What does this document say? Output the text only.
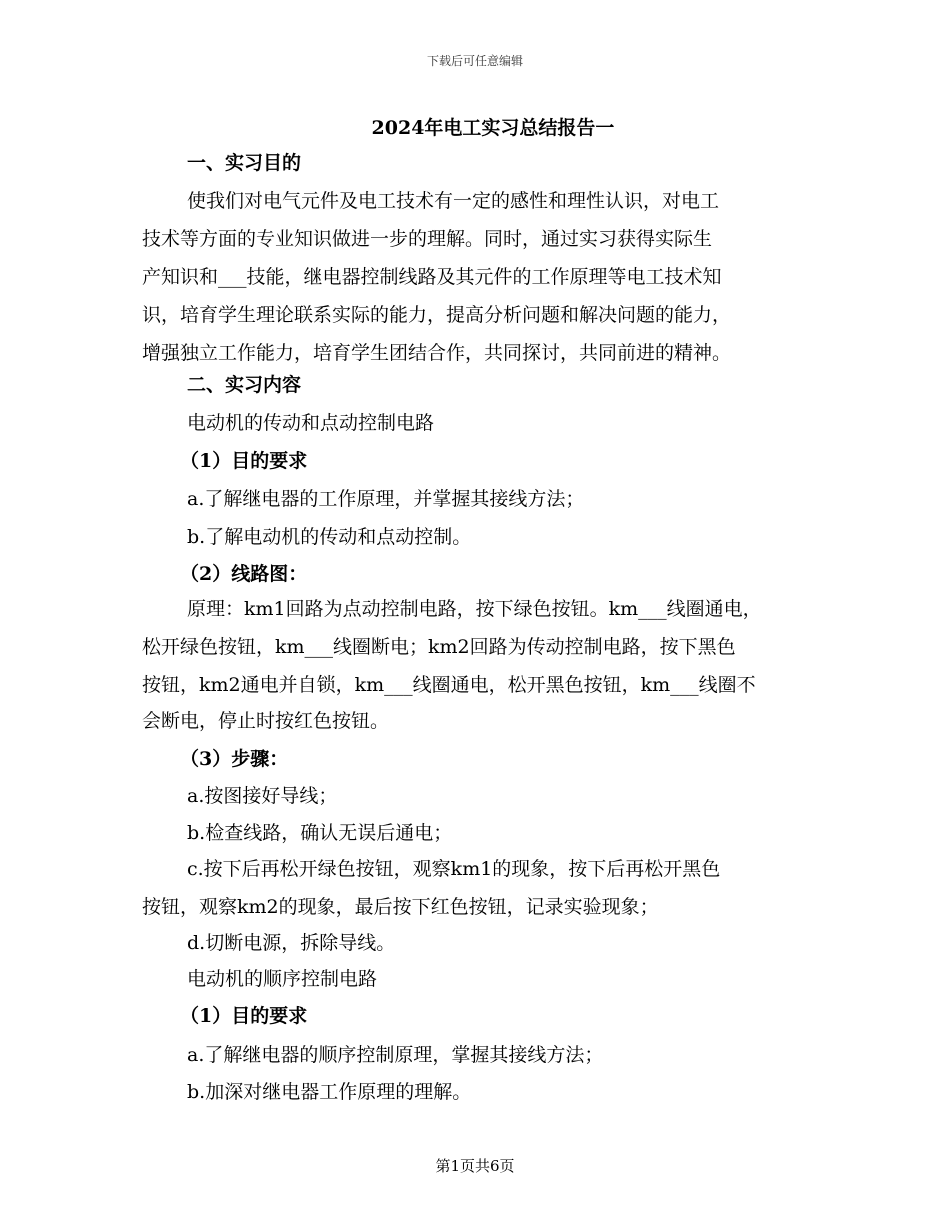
下载后可任意编辑
2024年电工实习总结报告一
一、实习目的
使我们对电气元件及电工技术有一定的感性和理性认识，对电工
技术等方面的专业知识做进一步的理解。同时，通过实习获得实际生
产知识和___技能，继电器控制线路及其元件的工作原理等电工技术知
识，培育学生理论联系实际的能力，提高分析问题和解决问题的能力，
增强独立工作能力，培育学生团结合作，共同探讨，共同前进的精神。
二、实习内容
电动机的传动和点动控制电路
（1）目的要求
a.了解继电器的工作原理，并掌握其接线方法；
b.了解电动机的传动和点动控制。
（2）线路图：
原理：km1回路为点动控制电路，按下绿色按钮。km___线圈通电，
松开绿色按钮，km___线圈断电；km2回路为传动控制电路，按下黑色
按钮，km2通电并自锁，km___线圈通电，松开黑色按钮，km___线圈不
会断电，停止时按红色按钮。
（3）步骤：
a.按图接好导线；
b.检查线路，确认无误后通电；
c.按下后再松开绿色按钮，观察km1的现象，按下后再松开黑色
按钮，观察km2的现象，最后按下红色按钮，记录实验现象；
d.切断电源，拆除导线。
电动机的顺序控制电路
（1）目的要求
a.了解继电器的顺序控制原理，掌握其接线方法；
b.加深对继电器工作原理的理解。
第1页共6页
